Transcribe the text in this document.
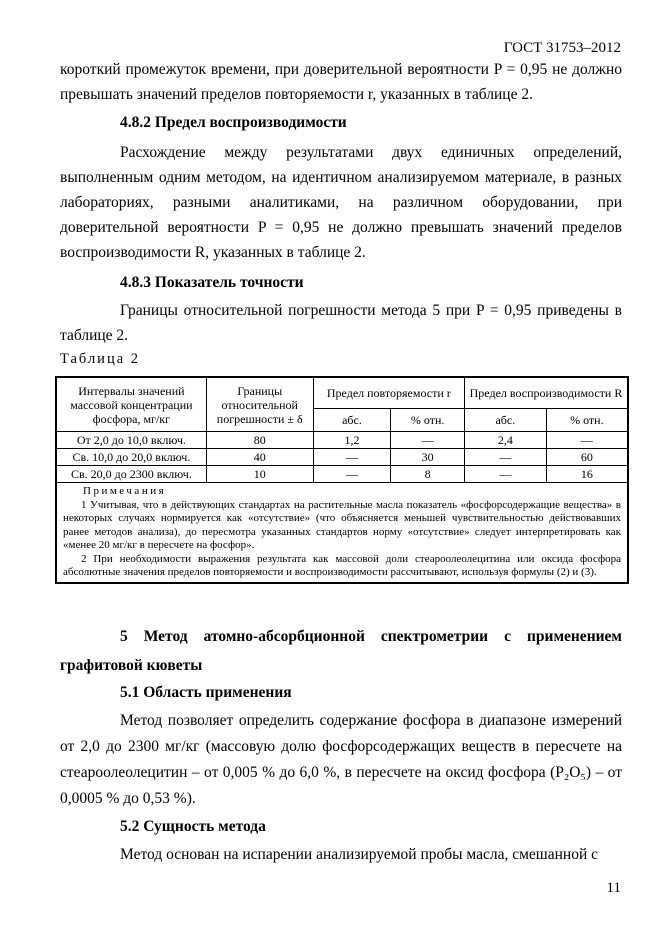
ГОСТ 31753–2012

короткий промежуток времени, при доверительной вероятности P = 0,95 не должно превышать значений пределов повторяемости r, указанных в таблице 2.

4.8.2 Предел воспроизводимости

Расхождение между результатами двух единичных определений, выполненным одним методом, на идентичном анализируемом материале, в разных лабораториях, разными аналитиками, на различном оборудовании, при доверительной вероятности P = 0,95 не должно превышать значений пределов воспроизводимости R, указанных в таблице 2.

4.8.3 Показатель точности

Границы относительной погрешности метода 5 при P = 0,95 приведены в таблице 2.

Таблица 2
Интервалы значений массовой концентрации фосфора, мг/кг	Границы относительной погрешности ± δ	Предел повторяемости r		Предел воспроизводимости R	
		абс.	% отн.	абс.	% отн.
От 2,0 до 10,0 включ.	80	1,2	—	2,4	—
Св. 10,0 до 20,0 включ.	40	—	30	—	60
Св. 20,0 до 2300 включ.	10	—	8	—	16

Примечания
1 Учитывая, что в действующих стандартах на растительные масла показатель «фосфорсодержащие вещества» в некоторых случаях нормируется как «отсутствие» (что объясняется меньшей чувствительностью действовавших ранее методов анализа), до пересмотра указанных стандартов норму «отсутствие» следует интерпретировать как «менее 20 мг/кг в пересчете на фосфор».
2 При необходимости выражения результата как массовой доли стеароолеолецитина или оксида фосфора абсолютные значения пределов повторяемости и воспроизводимости рассчитывают, используя формулы (2) и (3).					

5 Метод атомно-абсорбционной спектрометрии с применением графитовой кюветы

5.1 Область применения

Метод позволяет определить содержание фосфора в диапазоне измерений от 2,0 до 2300 мг/кг (массовую долю фосфорсодержащих веществ в пересчете на стеароолеолецитин – от 0,005 % до 6,0 %, в пересчете на оксид фосфора (P₂O₅) – от 0,0005 % до 0,53 %).

5.2 Сущность метода

Метод основан на испарении анализируемой пробы масла, смешанной с

11
